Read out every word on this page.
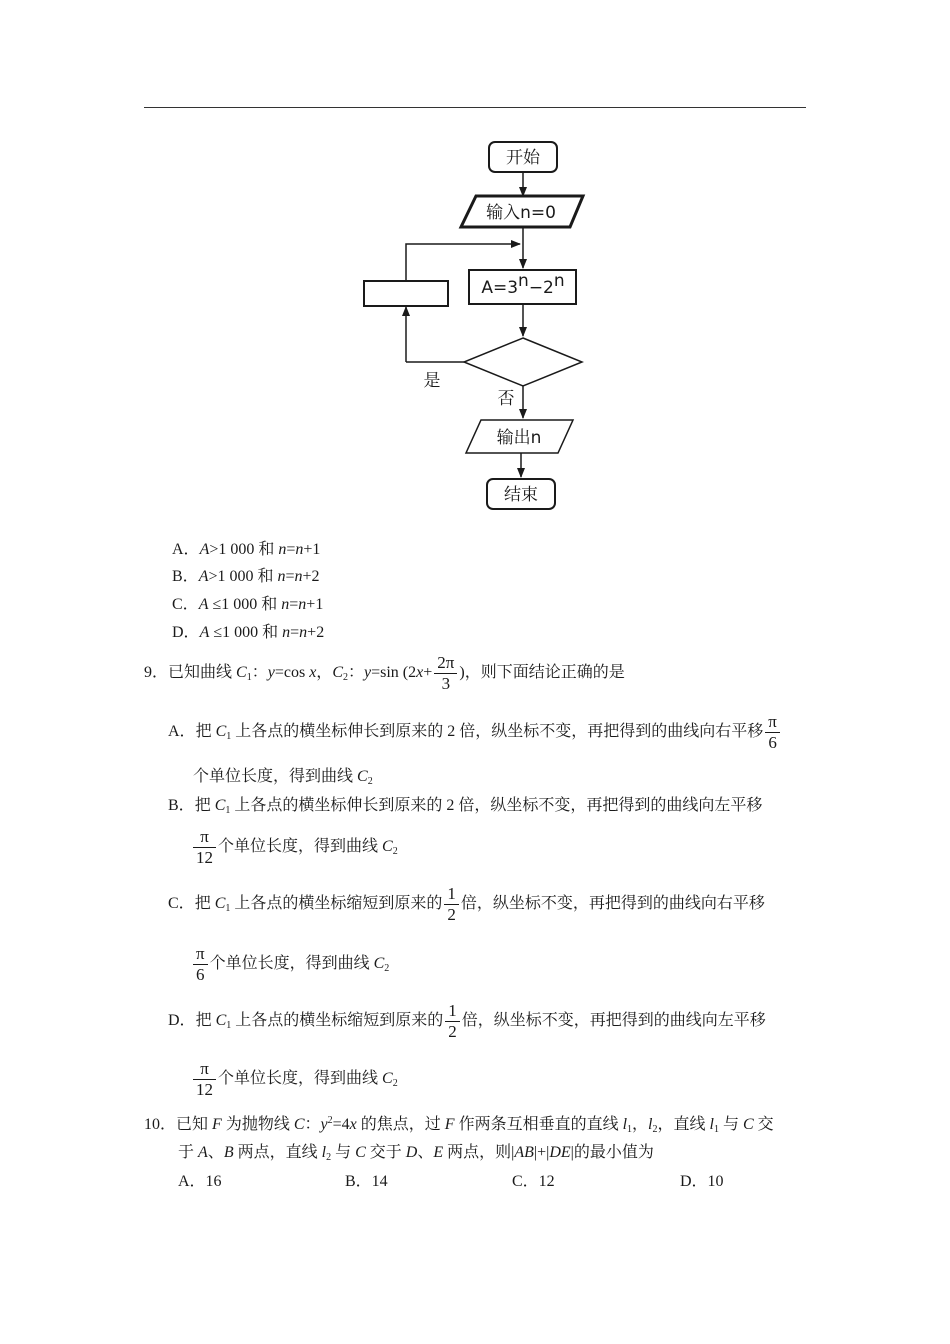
开始
输入n=0
A=3n−2n
是
否
输出n
结束
A．A>1 000 和 n=n+1
B．A>1 000 和 n=n+2
C．A ≤1 000 和 n=n+1
D．A ≤1 000 和 n=n+2
9．已知曲线 $C_1$：y=cos x，$C_2$：y=sin ($2x+ \frac{2\pi}{3}$ )，则下面结论正确的是
A．把 $C_1$ 上各点的横坐标伸长到原来的 2 倍，纵坐标不变，再把得到的曲线向右平移 $\frac{\pi}{6}$
个单位长度，得到曲线 $C_2$
B．把 $C_1$ 上各点的横坐标伸长到原来的 2 倍，纵坐标不变，再把得到的曲线向左平移
$\frac{\pi}{12}$ 个单位长度，得到曲线 $C_2$
C．把 $C_1$ 上各点的横坐标缩短到原来的 $\frac{1}{2}$ 倍，纵坐标不变，再把得到的曲线向右平移
$\frac{\pi}{6}$ 个单位长度，得到曲线 $C_2$
D．把 $C_1$ 上各点的横坐标缩短到原来的 $\frac{1}{2}$ 倍，纵坐标不变，再把得到的曲线向左平移
$\frac{\pi}{12}$ 个单位长度，得到曲线 $C_2$
10．已知 F 为抛物线 C：$y^2=4x$ 的焦点，过 F 作两条互相垂直的直线 $l_1$，$l_2$，直线 $l_1$ 与 C 交
于 A、B 两点，直线 $l_2$ 与 C 交于 D、E 两点，则|AB|+|DE|的最小值为
A．16	B．14	C．12	D．10
